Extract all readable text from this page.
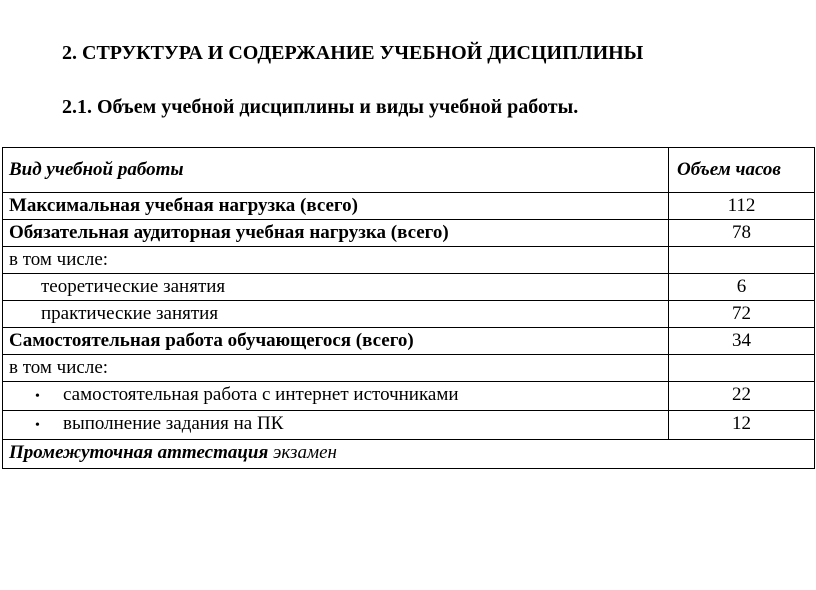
2. СТРУКТУРА И СОДЕРЖАНИЕ УЧЕБНОЙ ДИСЦИПЛИНЫ
2.1. Объем учебной дисциплины и виды учебной работы.
Вид учебной работы	Объем часов
Максимальная учебная нагрузка (всего)	112
Обязательная аудиторная учебная нагрузка (всего)	78
в том числе:	
теоретические занятия	6
практические занятия	72
Самостоятельная работа обучающегося (всего)	34
в том числе:	
• самостоятельная работа с интернет источниками	22
• выполнение задания на ПК	12
Промежуточная аттестация экзамен	
